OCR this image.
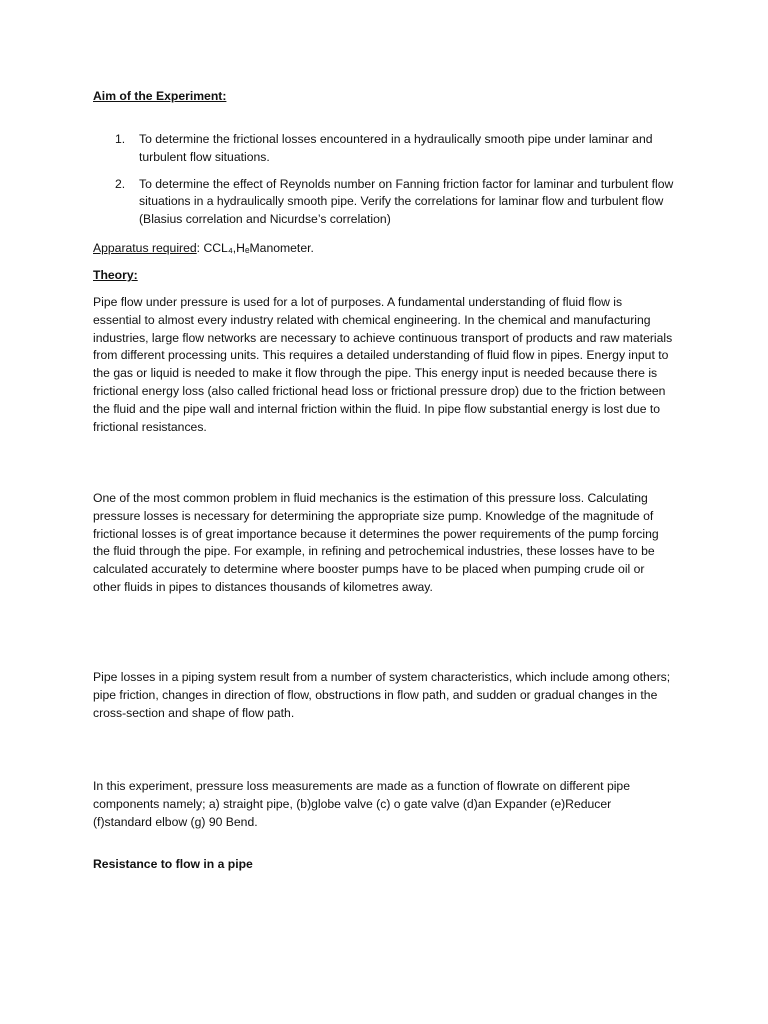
Aim of the Experiment:
1. To determine the frictional losses encountered in a hydraulically smooth pipe under laminar and turbulent flow situations.
2. To determine the effect of Reynolds number on Fanning friction factor for laminar and turbulent flow situations in a hydraulically smooth pipe. Verify the correlations for laminar flow and turbulent flow (Blasius correlation and Nicurdse’s correlation)
Apparatus required: CCL₄,HₑManometer.
Theory:

Pipe flow under pressure is used for a lot of purposes. A fundamental understanding of fluid flow is essential to almost every industry related with chemical engineering. In the chemical and manufacturing industries, large flow networks are necessary to achieve continuous transport of products and raw materials from different processing units. This requires a detailed understanding of fluid flow in pipes. Energy input to the gas or liquid is needed to make it flow through the pipe. This energy input is needed because there is frictional energy loss (also called frictional head loss or frictional pressure drop) due to the friction between the fluid and the pipe wall and internal friction within the fluid. In pipe flow substantial energy is lost due to frictional resistances.

One of the most common problem in fluid mechanics is the estimation of this pressure loss. Calculating pressure losses is necessary for determining the appropriate size pump. Knowledge of the magnitude of frictional losses is of great importance because it determines the power requirements of the pump forcing the fluid through the pipe. For example, in refining and petrochemical industries, these losses have to be calculated accurately to determine where booster pumps have to be placed when pumping crude oil or other fluids in pipes to distances thousands of kilometres away.

Pipe losses in a piping system result from a number of system characteristics, which include among others; pipe friction, changes in direction of flow, obstructions in flow path, and sudden or gradual changes in the cross-section and shape of flow path.

In this experiment, pressure loss measurements are made as a function of flowrate on different pipe components namely; a) straight pipe, (b)globe valve (c) o gate valve (d)an Expander (e)Reducer (f)standard elbow (g) 90 Bend.

Resistance to flow in a pipe
